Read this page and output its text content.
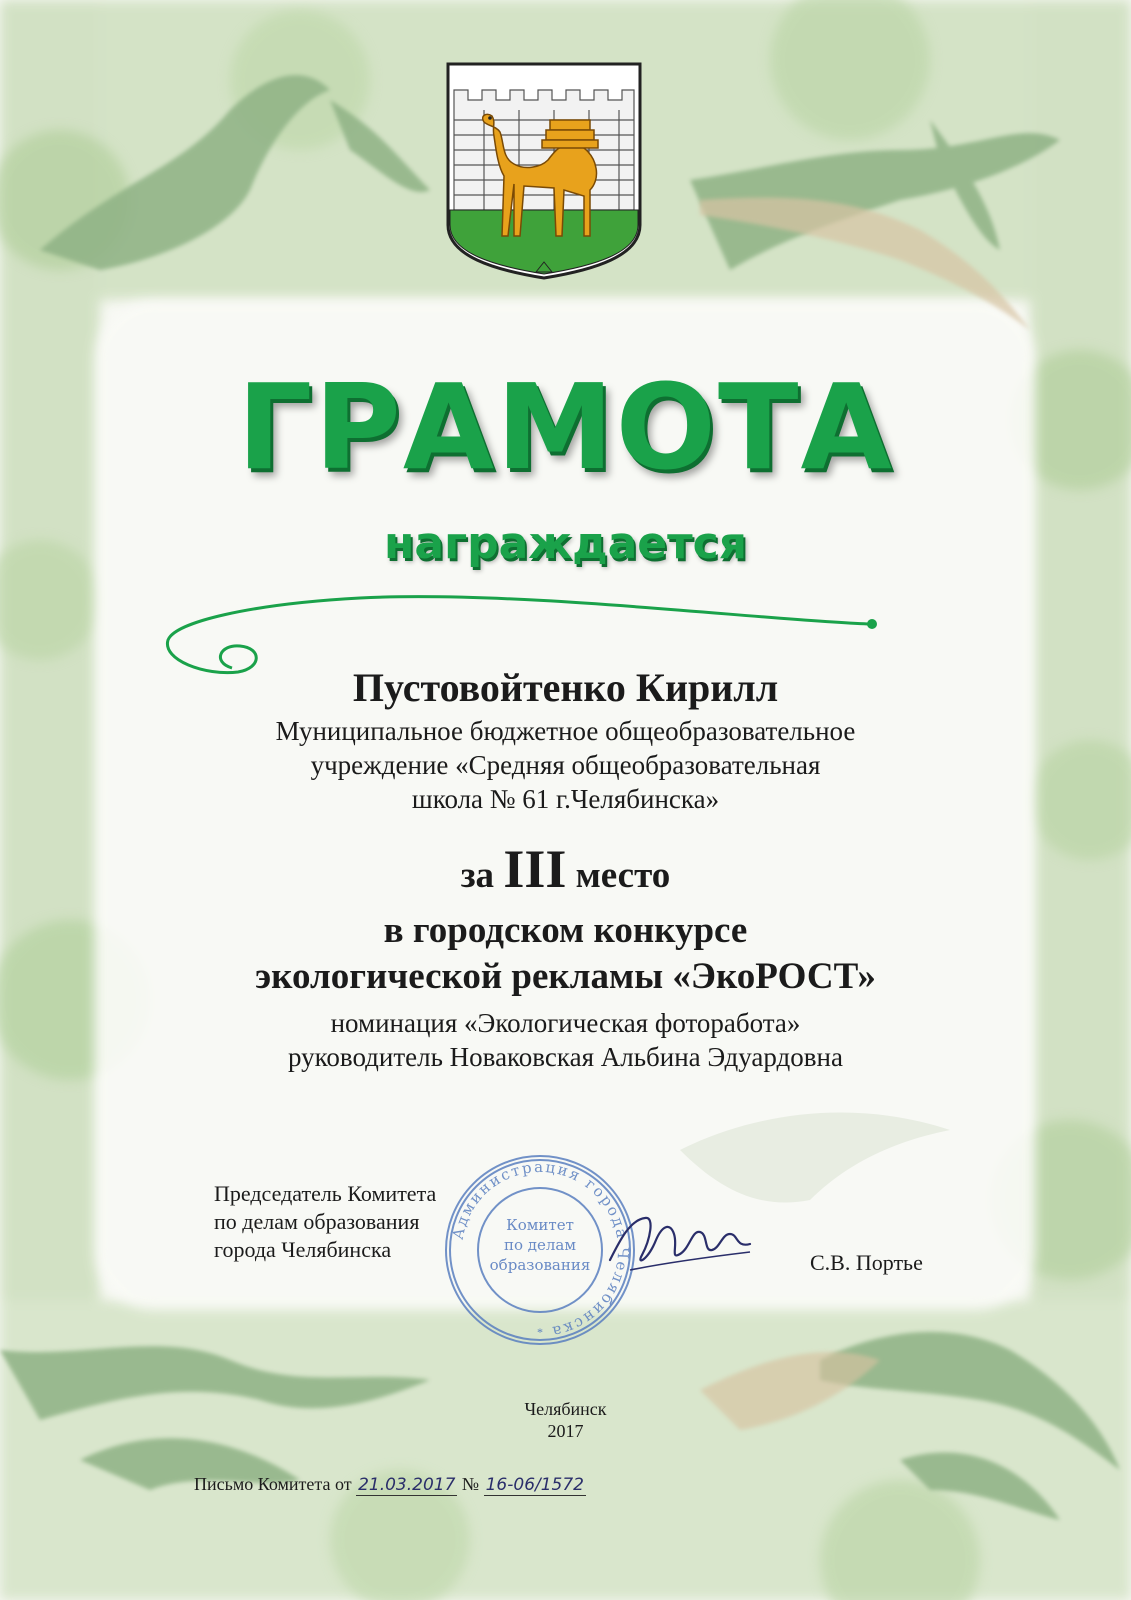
ГРАМОТА
награждается
Пустовойтенко Кирилл
Муниципальное бюджетное общеобразовательное
учреждение «Средняя общеобразовательная
школа № 61 г.Челябинска»
за III место
в городском конкурсе
экологической рекламы «ЭкоРОСТ»
номинация «Экологическая фоторабота»
руководитель Новаковская Альбина Эдуардовна
Председатель Комитета
по делам образования
города Челябинска
С.В. Портье
Администрация города Челябинска
Комитет
по делам
образования
*
Челябинск
2017
Письмо Комитета от 21.03.2017 № 16-06/1572
